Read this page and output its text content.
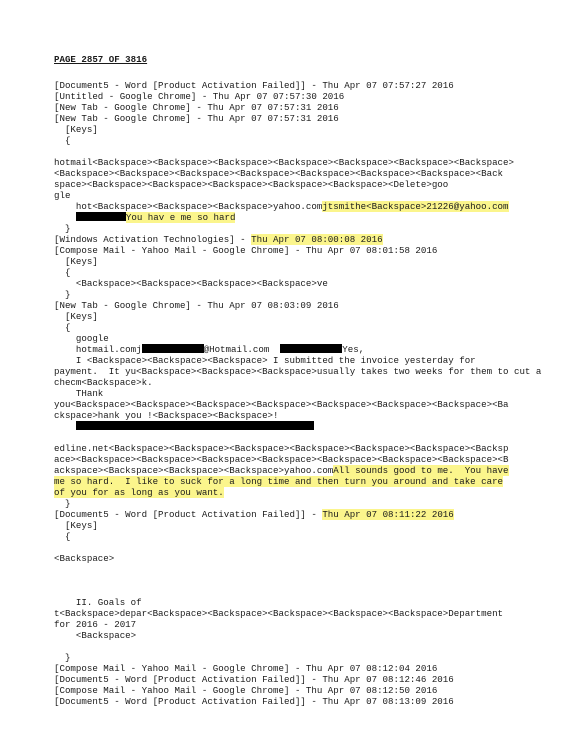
PAGE 2857 OF 3816
[Document5 - Word [Product Activation Failed]] - Thu Apr 07 07:57:27 2016
[Untitled - Google Chrome] - Thu Apr 07 07:57:30 2016
[New Tab - Google Chrome] - Thu Apr 07 07:57:31 2016
[New Tab - Google Chrome] - Thu Apr 07 07:57:31 2016
[Keys]
{
hotmail<Backspace><Backspace><Backspace><Backspace><Backspace><Backspace><Backspace>
<Backspace><Backspace><Backspace><Backspace><Backspace><Backspace><Backspace><Back
space><Backspace><Backspace><Backspace><Backspace><Backspace><Delete>goo
gle
hot<Backspace><Backspace><Backspace>yahoo.comjtsmithe<Backspace>21226@yahoo.com
You hav e me so hard
}
[Windows Activation Technologies] - Thu Apr 07 08:00:08 2016
[Compose Mail - Yahoo Mail - Google Chrome] - Thu Apr 07 08:01:58 2016
[Keys]
{
<Backspace><Backspace><Backspace><Backspace>ve
}
[New Tab - Google Chrome] - Thu Apr 07 08:03:09 2016
[Keys]
{
google
hotmail.comj	@Hotmail.com	Yes,
I <Backspace><Backspace><Backspace> I submitted the invoice yesterday for
payment.  It yu<Backspace><Backspace><Backspace>usually takes two weeks for them to cut a
checm<Backspace>k.
THank
you<Backspace><Backspace><Backspace><Backspace><Backspace><Backspace><Backspace><Ba
ckspace>hank you !<Backspace><Backspace>!

edline.net<Backspace><Backspace><Backspace><Backspace><Backspace><Backspace><Backsp
ace><Backspace><Backspace><Backspace><Backspace><Backspace><Backspace><Backspace><B
ackspace><Backspace><Backspace><Backspace>yahoo.comAll sounds good to me.  You have
me so hard.  I like to suck for a long time and then turn you around and take care
of you for as long as you want.
}
[Document5 - Word [Product Activation Failed]] - Thu Apr 07 08:11:22 2016
[Keys]
{
<Backspace>
II. Goals of
t<Backspace>depar<Backspace><Backspace><Backspace><Backspace><Backspace>Department
for 2016 - 2017
<Backspace>
}
[Compose Mail - Yahoo Mail - Google Chrome] - Thu Apr 07 08:12:04 2016
[Document5 - Word [Product Activation Failed]] - Thu Apr 07 08:12:46 2016
[Compose Mail - Yahoo Mail - Google Chrome] - Thu Apr 07 08:12:50 2016
[Document5 - Word [Product Activation Failed]] - Thu Apr 07 08:13:09 2016
